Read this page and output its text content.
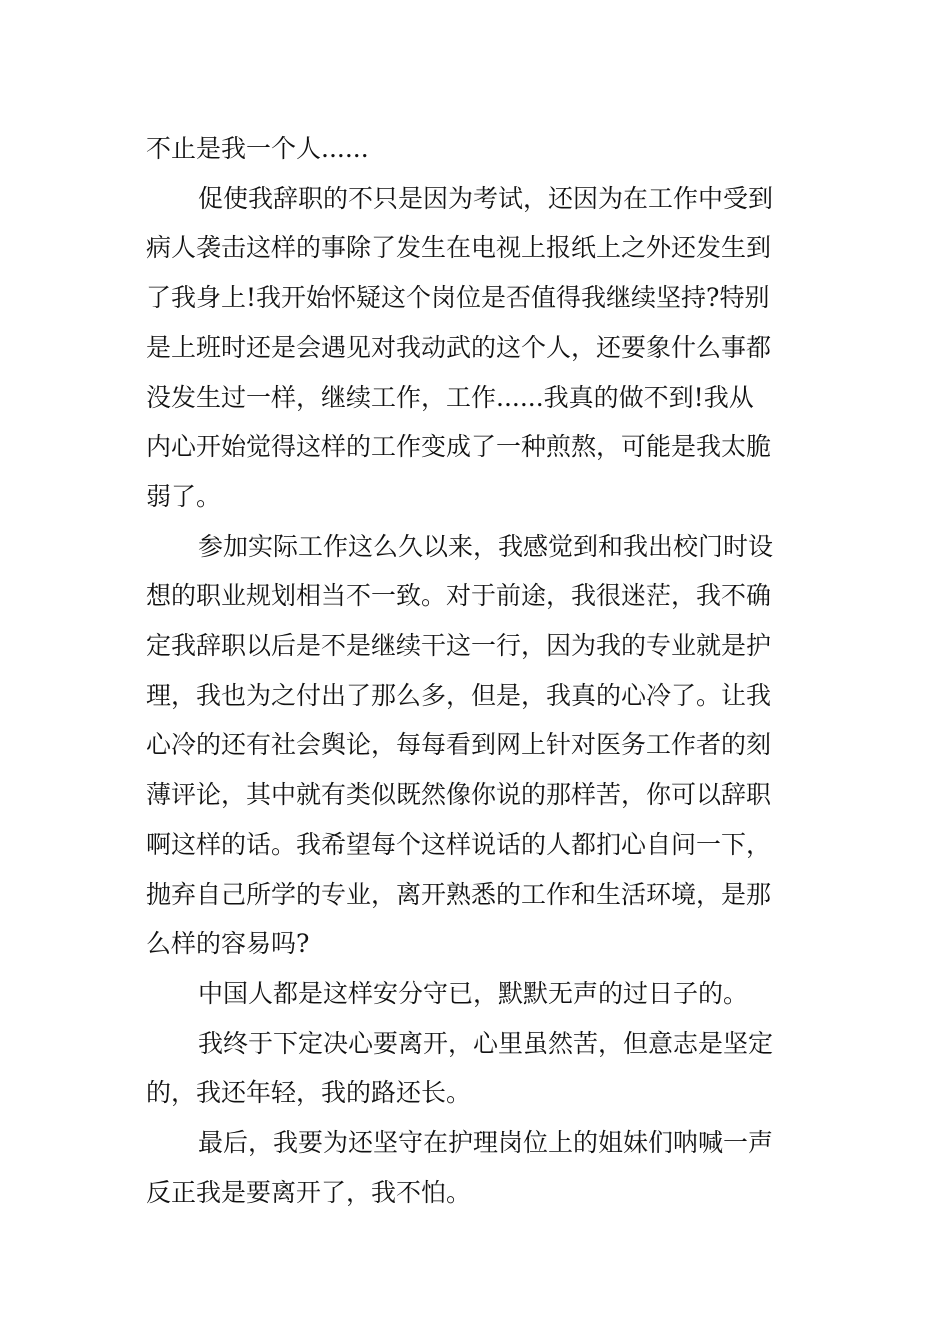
不止是我一个人......
促使我辞职的不只是因为考试，还因为在工作中受到
病人袭击这样的事除了发生在电视上报纸上之外还发生到
了我身上!我开始怀疑这个岗位是否值得我继续坚持?特别
是上班时还是会遇见对我动武的这个人，还要象什么事都
没发生过一样，继续工作，工作......我真的做不到!我从
内心开始觉得这样的工作变成了一种煎熬，可能是我太脆
弱了。
参加实际工作这么久以来，我感觉到和我出校门时设
想的职业规划相当不一致。对于前途，我很迷茫，我不确
定我辞职以后是不是继续干这一行，因为我的专业就是护
理，我也为之付出了那么多，但是，我真的心冷了。让我
心冷的还有社会舆论，每每看到网上针对医务工作者的刻
薄评论，其中就有类似既然像你说的那样苦，你可以辞职
啊这样的话。我希望每个这样说话的人都扪心自问一下，
抛弃自己所学的专业，离开熟悉的工作和生活环境，是那
么样的容易吗?
中国人都是这样安分守已，默默无声的过日子的。
我终于下定决心要离开，心里虽然苦，但意志是坚定
的，我还年轻，我的路还长。
最后，我要为还坚守在护理岗位上的姐妹们呐喊一声
反正我是要离开了，我不怕。
